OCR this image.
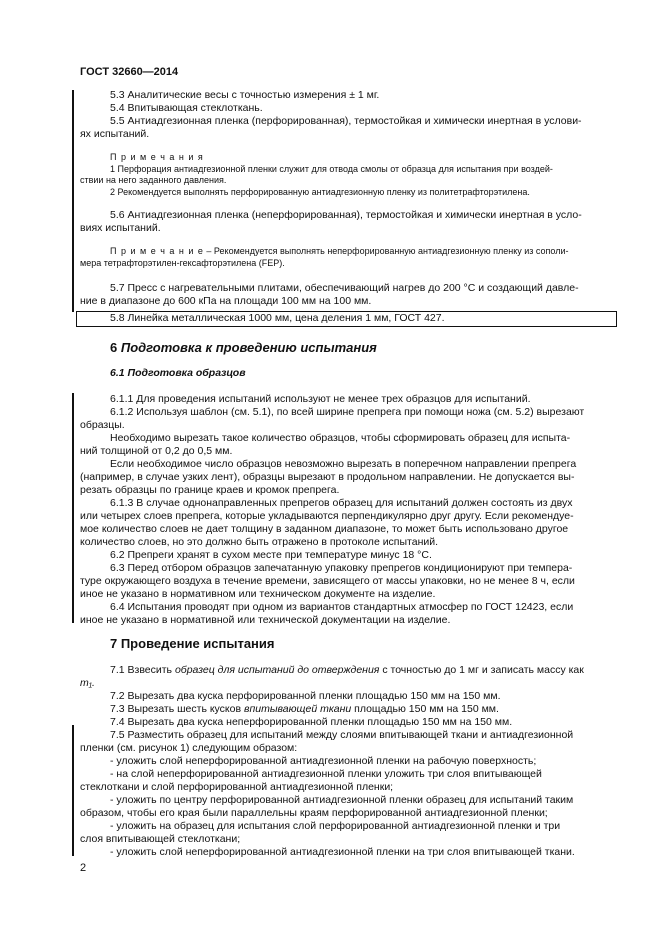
ГОСТ 32660—2014
5.3 Аналитические весы с точностью измерения ± 1 мг.
5.4 Впитывающая стеклоткань.
5.5 Антиадгезионная пленка (перфорированная), термостойкая и химически инертная в услови-
ях испытаний.
П р и м е ч а н и я
1 Перфорация антиадгезионной пленки служит для отвода смолы от образца для испытания при воздей-
ствии на него заданного давления.
2 Рекомендуется выполнять перфорированную антиадгезионную пленку из политетрафторэтилена.
5.6 Антиадгезионная пленка (неперфорированная), термостойкая и химически инертная в усло-
виях испытаний.
П р и м е ч а н и е – Рекомендуется выполнять неперфорированную антиадгезионную пленку из сополи-
мера тетрафторэтилен-гексафторэтилена (FEP).
5.7 Пресс с нагревательными плитами, обеспечивающий нагрев до 200 °С и создающий давле-
ние в диапазоне до 600 кПа на площади 100 мм на 100 мм.
5.8 Линейка металлическая 1000 мм, цена деления 1 мм, ГОСТ 427.
6 Подготовка к проведению испытания
6.1 Подготовка образцов
6.1.1 Для проведения испытаний используют не менее трех образцов для испытаний.
6.1.2 Используя шаблон (см. 5.1), по всей ширине препрега при помощи ножа (см. 5.2) вырезают
образцы.
Необходимо вырезать такое количество образцов, чтобы сформировать образец для испыта-
ний толщиной от 0,2 до 0,5 мм.
Если необходимое число образцов невозможно вырезать в поперечном направлении препрега
(например, в случае узких лент), образцы вырезают в продольном направлении. Не допускается вы-
резать образцы по границе краев и кромок препрега.
6.1.3 В случае однонаправленных препрегов образец для испытаний должен состоять из двух
или четырех слоев препрега, которые укладываются перпендикулярно друг другу. Если рекомендуе-
мое количество слоев не дает толщину в заданном диапазоне, то может быть использовано другое
количество слоев, но это должно быть отражено в протоколе испытаний.
6.2 Препреги хранят в сухом месте при температуре минус 18 °С.
6.3 Перед отбором образцов запечатанную упаковку препрегов кондиционируют при темпера-
туре окружающего воздуха в течение времени, зависящего от массы упаковки, но не менее 8 ч, если
иное не указано в нормативном или техническом документе на изделие.
6.4 Испытания проводят при одном из вариантов стандартных атмосфер по ГОСТ 12423, если
иное не указано в нормативной или технической документации на изделие.
7 Проведение испытания
7.1 Взвесить образец для испытаний до отверждения с точностью до 1 мг и записать массу как
m₁.
7.2 Вырезать два куска перфорированной пленки площадью 150 мм на 150 мм.
7.3 Вырезать шесть кусков впитывающей ткани площадью 150 мм на 150 мм.
7.4 Вырезать два куска неперфорированной пленки площадью 150 мм на 150 мм.
7.5 Разместить образец для испытаний между слоями впитывающей ткани и антиадгезионной
пленки (см. рисунок 1) следующим образом:
- уложить слой неперфорированной антиадгезионной пленки на рабочую поверхность;
- на слой неперфорированной антиадгезионной пленки уложить три слоя впитывающей
стеклоткани и слой перфорированной антиадгезионной пленки;
- уложить по центру перфорированной антиадгезионной пленки образец для испытаний таким
образом, чтобы его края были параллельны краям перфорированной антиадгезионной пленки;
- уложить на образец для испытания слой перфорированной антиадгезионной пленки и три
слоя впитывающей стеклоткани;
- уложить слой неперфорированной антиадгезионной пленки на три слоя впитывающей ткани.
2
